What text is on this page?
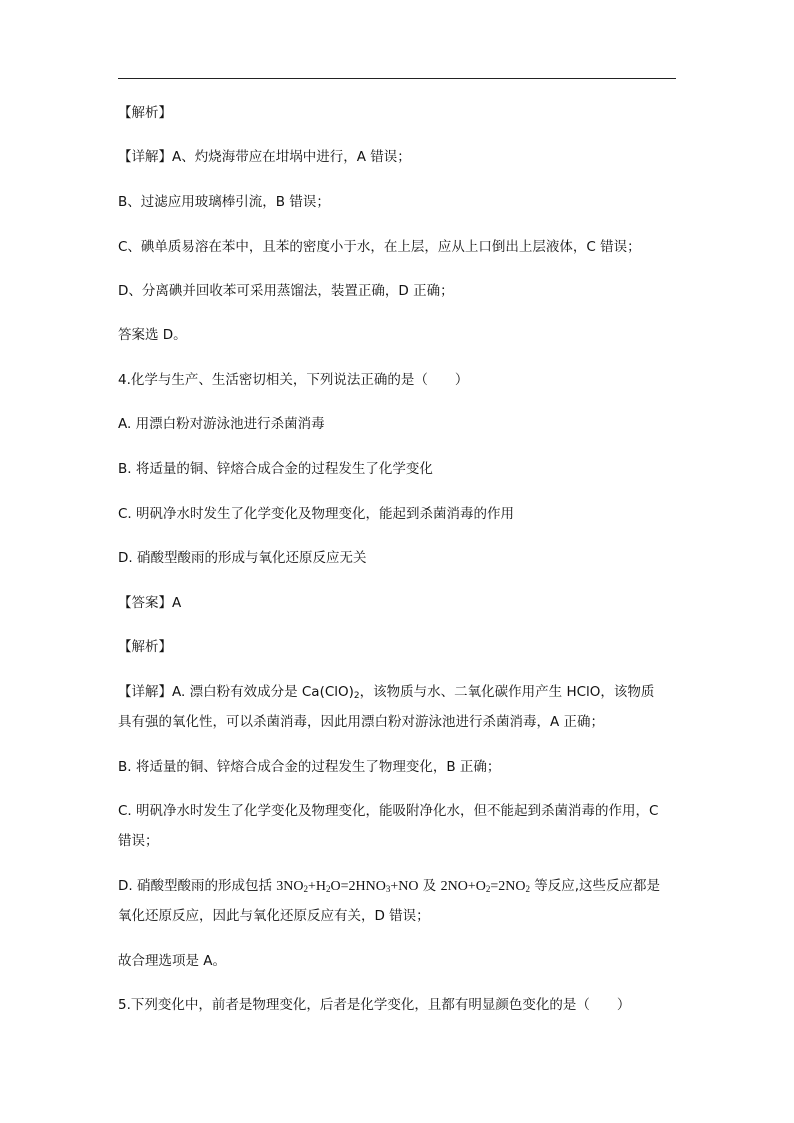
【解析】
【详解】A、灼烧海带应在坩埚中进行，A 错误；
B、过滤应用玻璃棒引流，B 错误；
C、碘单质易溶在苯中，且苯的密度小于水，在上层，应从上口倒出上层液体，C 错误；
D、分离碘并回收苯可采用蒸馏法，装置正确，D 正确；
答案选 D。
4.化学与生产、生活密切相关，下列说法正确的是（　　）
A. 用漂白粉对游泳池进行杀菌消毒
B. 将适量的铜、锌熔合成合金的过程发生了化学变化
C. 明矾净水时发生了化学变化及物理变化，能起到杀菌消毒的作用
D. 硝酸型酸雨的形成与氧化还原反应无关
【答案】A
【解析】
【详解】A. 漂白粉有效成分是 $Ca(ClO)_2$，该物质与水、二氧化碳作用产生 HClO，该物质
具有强的氧化性，可以杀菌消毒，因此用漂白粉对游泳池进行杀菌消毒，A 正确；
B. 将适量的铜、锌熔合成合金的过程发生了物理变化，B 正确；
C. 明矾净水时发生了化学变化及物理变化，能吸附净化水，但不能起到杀菌消毒的作用，C
错误；
D. 硝酸型酸雨的形成包括 $3NO_2+H_2O=2HNO_3+NO$ 及 $2NO+O_2=2NO_2$ 等反应,这些反应都是
氧化还原反应，因此与氧化还原反应有关，D 错误；
故合理选项是 A。
5.下列变化中，前者是物理变化，后者是化学变化，且都有明显颜色变化的是（　　）
